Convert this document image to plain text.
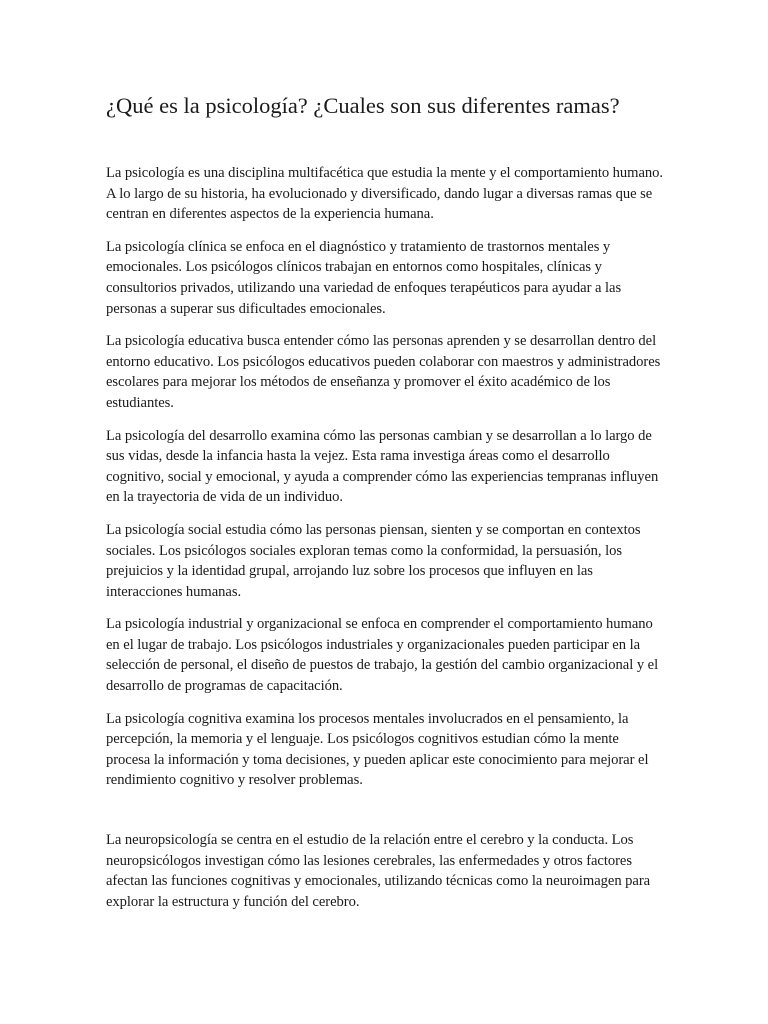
¿Qué es la psicología? ¿Cuales son sus diferentes ramas?

La psicología es una disciplina multifacética que estudia la mente y el comportamiento humano. A lo largo de su historia, ha evolucionado y diversificado, dando lugar a diversas ramas que se centran en diferentes aspectos de la experiencia humana.

La psicología clínica se enfoca en el diagnóstico y tratamiento de trastornos mentales y emocionales. Los psicólogos clínicos trabajan en entornos como hospitales, clínicas y consultorios privados, utilizando una variedad de enfoques terapéuticos para ayudar a las personas a superar sus dificultades emocionales.

La psicología educativa busca entender cómo las personas aprenden y se desarrollan dentro del entorno educativo. Los psicólogos educativos pueden colaborar con maestros y administradores escolares para mejorar los métodos de enseñanza y promover el éxito académico de los estudiantes.

La psicología del desarrollo examina cómo las personas cambian y se desarrollan a lo largo de sus vidas, desde la infancia hasta la vejez. Esta rama investiga áreas como el desarrollo cognitivo, social y emocional, y ayuda a comprender cómo las experiencias tempranas influyen en la trayectoria de vida de un individuo.

La psicología social estudia cómo las personas piensan, sienten y se comportan en contextos sociales. Los psicólogos sociales exploran temas como la conformidad, la persuasión, los prejuicios y la identidad grupal, arrojando luz sobre los procesos que influyen en las interacciones humanas.

La psicología industrial y organizacional se enfoca en comprender el comportamiento humano en el lugar de trabajo. Los psicólogos industriales y organizacionales pueden participar en la selección de personal, el diseño de puestos de trabajo, la gestión del cambio organizacional y el desarrollo de programas de capacitación.

La psicología cognitiva examina los procesos mentales involucrados en el pensamiento, la percepción, la memoria y el lenguaje. Los psicólogos cognitivos estudian cómo la mente procesa la información y toma decisiones, y pueden aplicar este conocimiento para mejorar el rendimiento cognitivo y resolver problemas.

La neuropsicología se centra en el estudio de la relación entre el cerebro y la conducta. Los neuropsicólogos investigan cómo las lesiones cerebrales, las enfermedades y otros factores afectan las funciones cognitivas y emocionales, utilizando técnicas como la neuroimagen para explorar la estructura y función del cerebro.
